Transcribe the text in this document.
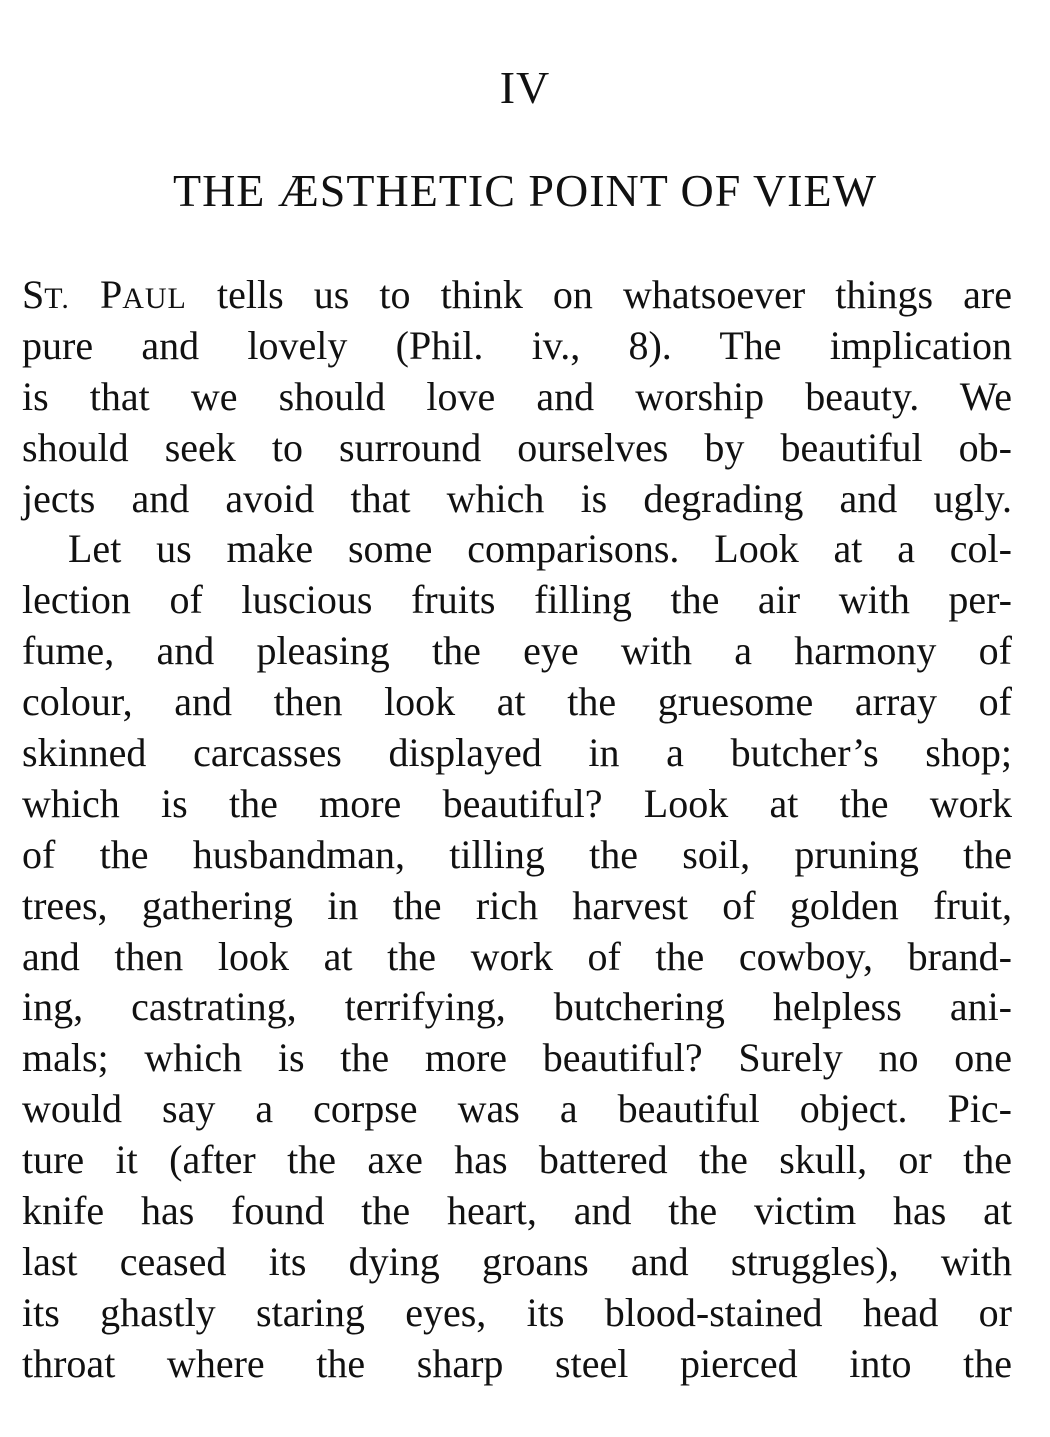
IV
THE ÆSTHETIC POINT OF VIEW
ST. PAUL tells us to think on whatsoever things are
pure and lovely (Phil. iv., 8). The implication
is that we should love and worship beauty. We
should seek to surround ourselves by beautiful ob-
jects and avoid that which is degrading and ugly.
Let us make some comparisons. Look at a col-
lection of luscious fruits filling the air with per-
fume, and pleasing the eye with a harmony of
colour, and then look at the gruesome array of
skinned carcasses displayed in a butcher’s shop;
which is the more beautiful? Look at the work
of the husbandman, tilling the soil, pruning the
trees, gathering in the rich harvest of golden fruit,
and then look at the work of the cowboy, brand-
ing, castrating, terrifying, butchering helpless ani-
mals; which is the more beautiful? Surely no one
would say a corpse was a beautiful object. Pic-
ture it (after the axe has battered the skull, or the
knife has found the heart, and the victim has at
last ceased its dying groans and struggles), with
its ghastly staring eyes, its blood-stained head or
throat where the sharp steel pierced into the
